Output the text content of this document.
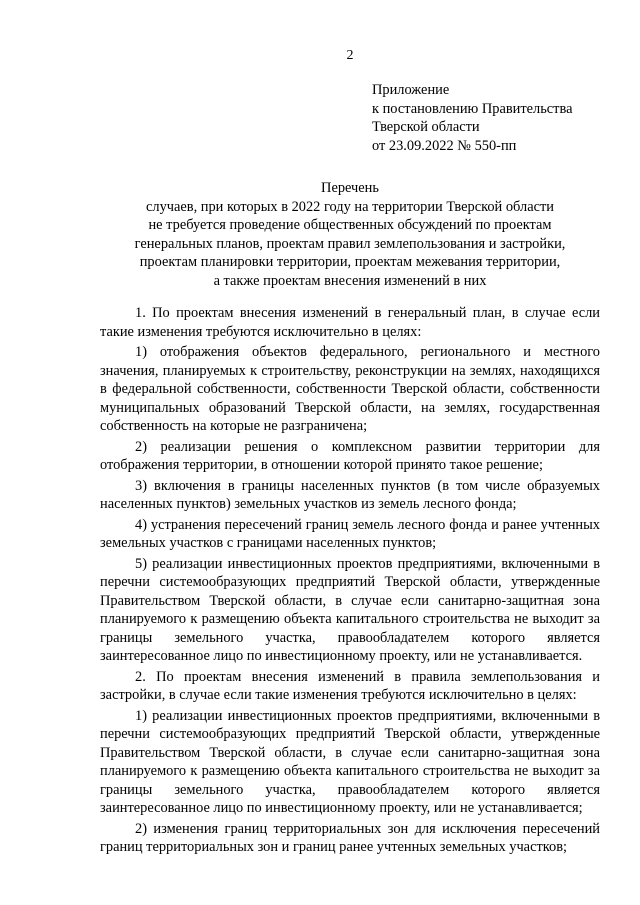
2
Приложение
к постановлению Правительства
Тверской области
от 23.09.2022 № 550-пп
Перечень
случаев, при которых в 2022 году на территории Тверской области
не требуется проведение общественных обсуждений по проектам
генеральных планов, проектам правил землепользования и застройки,
проектам планировки территории, проектам межевания территории,
а также проектам внесения изменений в них

1. По проектам внесения изменений в генеральный план, в случае если такие изменения требуются исключительно в целях:

1) отображения объектов федерального, регионального и местного значения, планируемых к строительству, реконструкции на землях, находящихся в федеральной собственности, собственности Тверской области, собственности муниципальных образований Тверской области, на землях, государственная собственность на которые не разграничена;

2) реализации решения о комплексном развитии территории для отображения территории, в отношении которой принято такое решение;

3) включения в границы населенных пунктов (в том числе образуемых населенных пунктов) земельных участков из земель лесного фонда;

4) устранения пересечений границ земель лесного фонда и ранее учтенных земельных участков с границами населенных пунктов;

5) реализации инвестиционных проектов предприятиями, включенными в перечни системообразующих предприятий Тверской области, утвержденные Правительством Тверской области, в случае если санитарно-защитная зона планируемого к размещению объекта капитального строительства не выходит за границы земельного участка, правообладателем которого является заинтересованное лицо по инвестиционному проекту, или не устанавливается.

2. По проектам внесения изменений в правила землепользования и застройки, в случае если такие изменения требуются исключительно в целях:

1) реализации инвестиционных проектов предприятиями, включенными в перечни системообразующих предприятий Тверской области, утвержденные Правительством Тверской области, в случае если санитарно-защитная зона планируемого к размещению объекта капитального строительства не выходит за границы земельного участка, правообладателем которого является заинтересованное лицо по инвестиционному проекту, или не устанавливается;

2) изменения границ территориальных зон для исключения пересечений границ территориальных зон и границ ранее учтенных земельных участков;
